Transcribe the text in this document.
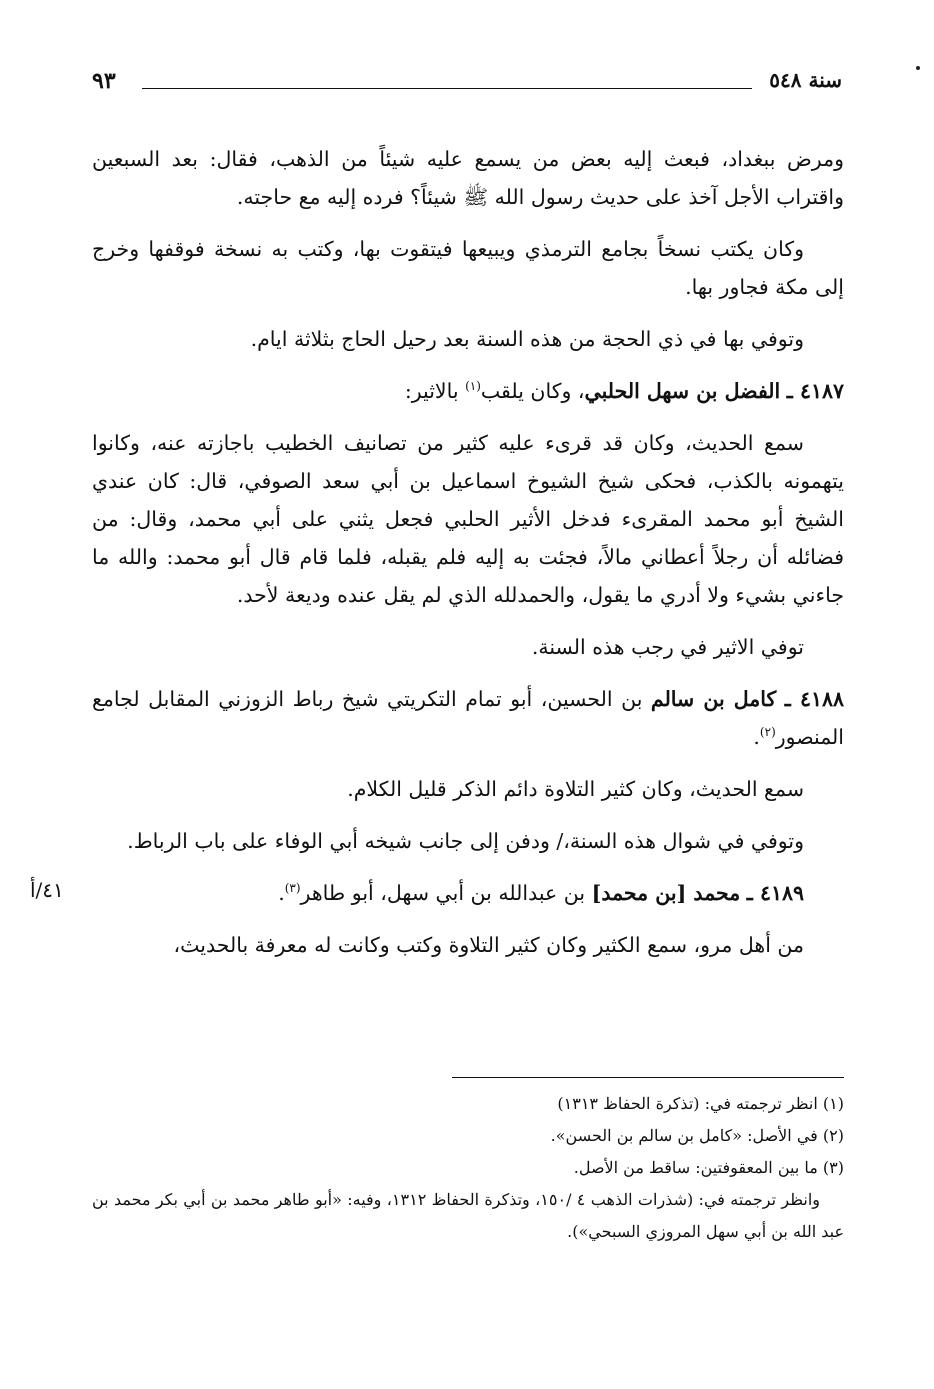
٩٣	سنة ٥٤٨

ومرض ببغداد، فبعث إليه بعض من يسمع عليه شيئاً من الذهب، فقال: بعد السبعين واقتراب الأجل آخذ على حديث رسول الله ﷺ شيئاً؟ فرده إليه مع حاجته.

وكان يكتب نسخاً بجامع الترمذي ويبيعها فيتقوت بها، وكتب به نسخة فوقفها وخرج إلى مكة فجاور بها.

وتوفي بها في ذي الحجة من هذه السنة بعد رحيل الحاج بثلاثة ايام.

٤١٨٧ ـ الفضل بن سهل الحلبي، وكان يلقب$^{(١)}$ بالاثير:

سمع الحديث، وكان قد قرىء عليه كثير من تصانيف الخطيب باجازته عنه، وكانوا يتهمونه بالكذب، فحكى شيخ الشيوخ اسماعيل بن أبي سعد الصوفي، قال: كان عندي الشيخ أبو محمد المقرىء فدخل الأثير الحلبي فجعل يثني على أبي محمد، وقال: من فضائله أن رجلاً أعطاني مالاً، فجئت به إليه فلم يقبله، فلما قام قال أبو محمد: والله ما جاءني بشيء ولا أدري ما يقول، والحمدلله الذي لم يقل عنده وديعة لأحد.

توفي الاثير في رجب هذه السنة.

٤١٨٨ ـ كامل بن سالم بن الحسين، أبو تمام التكريتي شيخ رباط الزوزني المقابل لجامع المنصور$^{(٢)}$.

سمع الحديث، وكان كثير التلاوة دائم الذكر قليل الكلام.

وتوفي في شوال هذه السنة،/ ودفن إلى جانب شيخه أبي الوفاء على باب الرباط.

٤١٨٩ ـ محمد [بن محمد] بن عبدالله بن أبي سهل، أبو طاهر$^{(٣)}$.

من أهل مرو، سمع الكثير وكان كثير التلاوة وكتب وكانت له معرفة بالحديث،

٤١/أ

(١) انظر ترجمته في: (تذكرة الحفاظ ١٣١٣)

(٢) في الأصل: «كامل بن سالم بن الحسن».

(٣) ما بين المعقوفتين: ساقط من الأصل.

وانظر ترجمته في: (شذرات الذهب ٤ /١٥٠، وتذكرة الحفاظ ١٣١٢، وفيه: «أبو طاهر محمد بن أبي بكر محمد بن عبد الله بن أبي سهل المروزي السبحي»).
